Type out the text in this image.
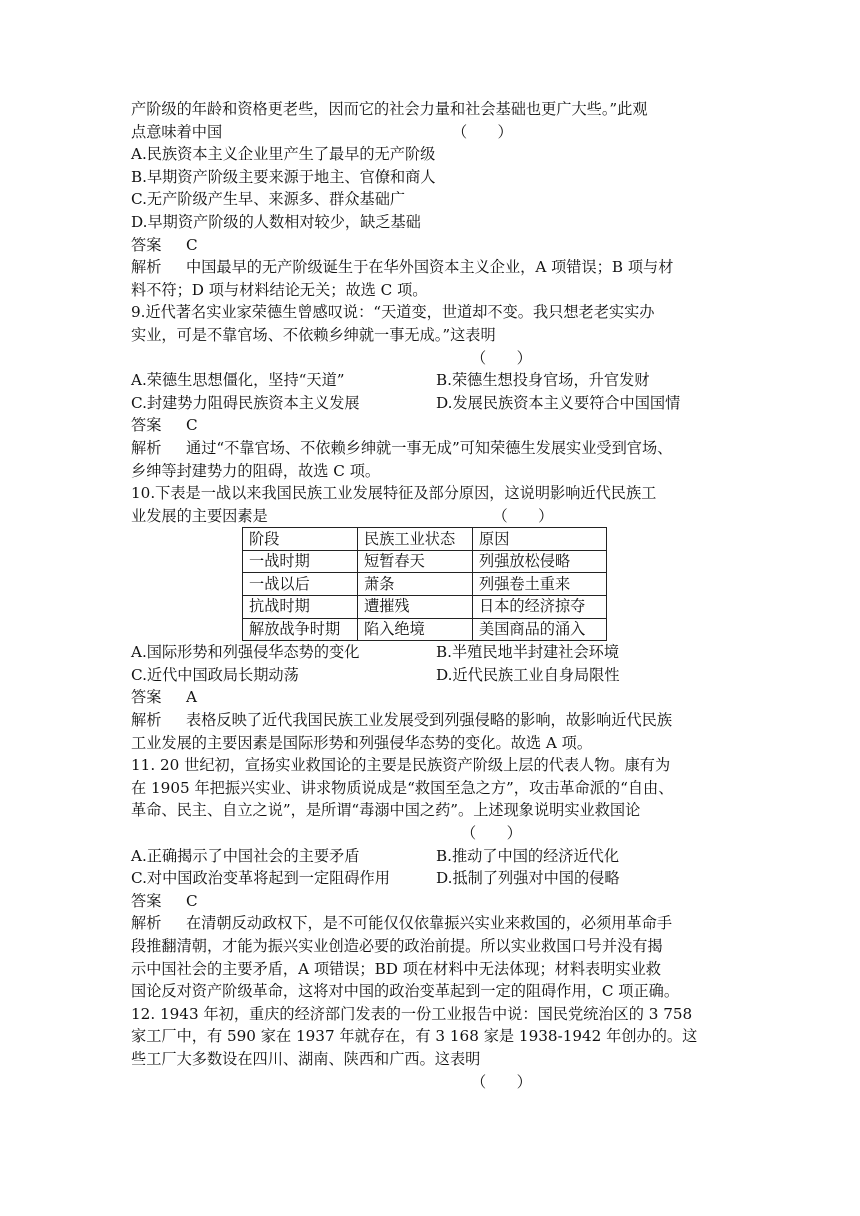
产阶级的年龄和资格更老些，因而它的社会力量和社会基础也更广大些。”此观
点意味着中国	（　　）
A.民族资本主义企业里产生了最早的无产阶级
B.早期资产阶级主要来源于地主、官僚和商人
C.无产阶级产生早、来源多、群众基础广
D.早期资产阶级的人数相对较少，缺乏基础
答案 C
解析 中国最早的无产阶级诞生于在华外国资本主义企业，A 项错误；B 项与材
料不符；D 项与材料结论无关；故选 C 项。
9.近代著名实业家荣德生曾感叹说：“天道变，世道却不变。我只想老老实实办
实业，可是不靠官场、不依赖乡绅就一事无成。”这表明
（　　）
A.荣德生思想僵化，坚持“天道”	B.荣德生想投身官场，升官发财
C.封建势力阻碍民族资本主义发展	D.发展民族资本主义要符合中国国情
答案 C
解析 通过“不靠官场、不依赖乡绅就一事无成”可知荣德生发展实业受到官场、
乡绅等封建势力的阻碍，故选 C 项。
10.下表是一战以来我国民族工业发展特征及部分原因，这说明影响近代民族工
业发展的主要因素是	（　　）
阶段	民族工业状态	原因
一战时期	短暂春天	列强放松侵略
一战以后	萧条	列强卷土重来
抗战时期	遭摧残	日本的经济掠夺
解放战争时期	陷入绝境	美国商品的涌入
A.国际形势和列强侵华态势的变化	B.半殖民地半封建社会环境
C.近代中国政局长期动荡	D.近代民族工业自身局限性
答案 A
解析 表格反映了近代我国民族工业发展受到列强侵略的影响，故影响近代民族
工业发展的主要因素是国际形势和列强侵华态势的变化。故选 A 项。
11. 20 世纪初，宣扬实业救国论的主要是民族资产阶级上层的代表人物。康有为
在 1905 年把振兴实业、讲求物质说成是“救国至急之方”，攻击革命派的“自由、
革命、民主、自立之说”，是所谓“毒溺中国之药”。上述现象说明实业救国论
（　　）
A.正确揭示了中国社会的主要矛盾	B.推动了中国的经济近代化
C.对中国政治变革将起到一定阻碍作用	D.抵制了列强对中国的侵略
答案 C
解析 在清朝反动政权下，是不可能仅仅依靠振兴实业来救国的，必须用革命手
段推翻清朝，才能为振兴实业创造必要的政治前提。所以实业救国口号并没有揭
示中国社会的主要矛盾，A 项错误；BD 项在材料中无法体现；材料表明实业救
国论反对资产阶级革命，这将对中国的政治变革起到一定的阻碍作用，C 项正确。
12. 1943 年初，重庆的经济部门发表的一份工业报告中说：国民党统治区的 3 758
家工厂中，有 590 家在 1937 年就存在，有 3 168 家是 1938-1942 年创办的。这
些工厂大多数设在四川、湖南、陕西和广西。这表明
（　　）
